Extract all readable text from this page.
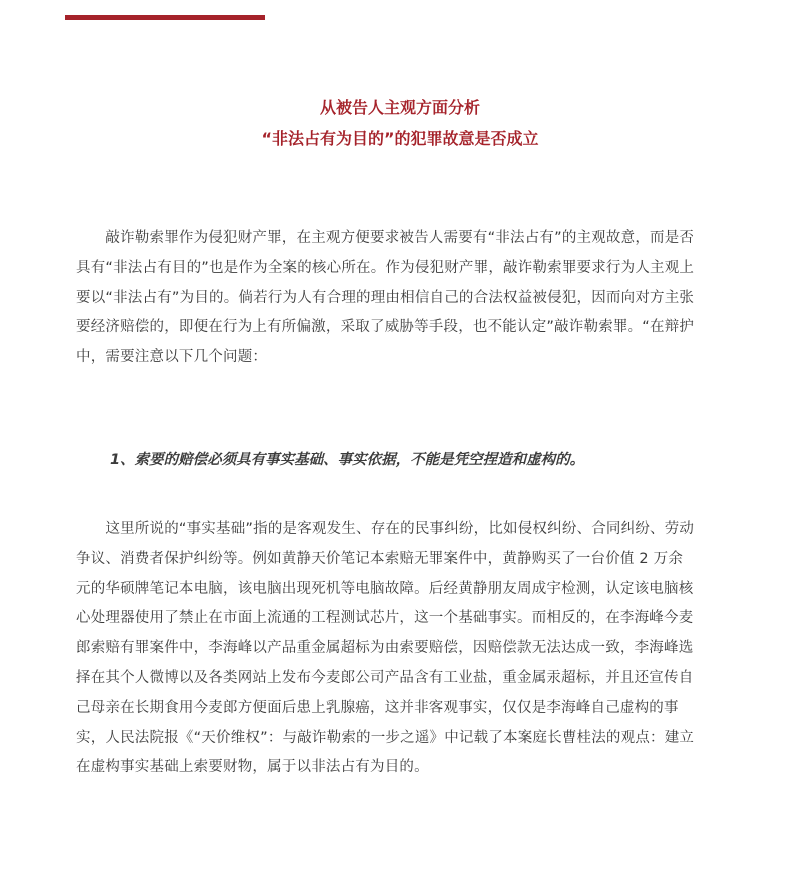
从被告人主观方面分析
“非法占有为目的”的犯罪故意是否成立
　　敲诈勒索罪作为侵犯财产罪，在主观方便要求被告人需要有“非法占有”的主观故意，而是否
具有“非法占有目的”也是作为全案的核心所在。作为侵犯财产罪，敲诈勒索罪要求行为人主观上
要以“非法占有”为目的。倘若行为人有合理的理由相信自己的合法权益被侵犯，因而向对方主张
要经济赔偿的，即便在行为上有所偏激，采取了威胁等手段，也不能认定”敲诈勒索罪。“在辩护
中，需要注意以下几个问题：
1、索要的赔偿必须具有事实基础、事实依据，不能是凭空捏造和虚构的。
　　这里所说的“事实基础”指的是客观发生、存在的民事纠纷，比如侵权纠纷、合同纠纷、劳动
争议、消费者保护纠纷等。例如黄静天价笔记本索赔无罪案件中，黄静购买了一台价值 2 万余
元的华硕牌笔记本电脑，该电脑出现死机等电脑故障。后经黄静朋友周成宇检测，认定该电脑核
心处理器使用了禁止在市面上流通的工程测试芯片，这一个基础事实。而相反的，在李海峰今麦
郎索赔有罪案件中，李海峰以产品重金属超标为由索要赔偿，因赔偿款无法达成一致，李海峰选
择在其个人微博以及各类网站上发布今麦郎公司产品含有工业盐，重金属汞超标，并且还宣传自
己母亲在长期食用今麦郎方便面后患上乳腺癌，这并非客观事实，仅仅是李海峰自己虚构的事
实，人民法院报《“天价维权”：与敲诈勒索的一步之遥》中记载了本案庭长曹桂法的观点：建立
在虚构事实基础上索要财物，属于以非法占有为目的。
